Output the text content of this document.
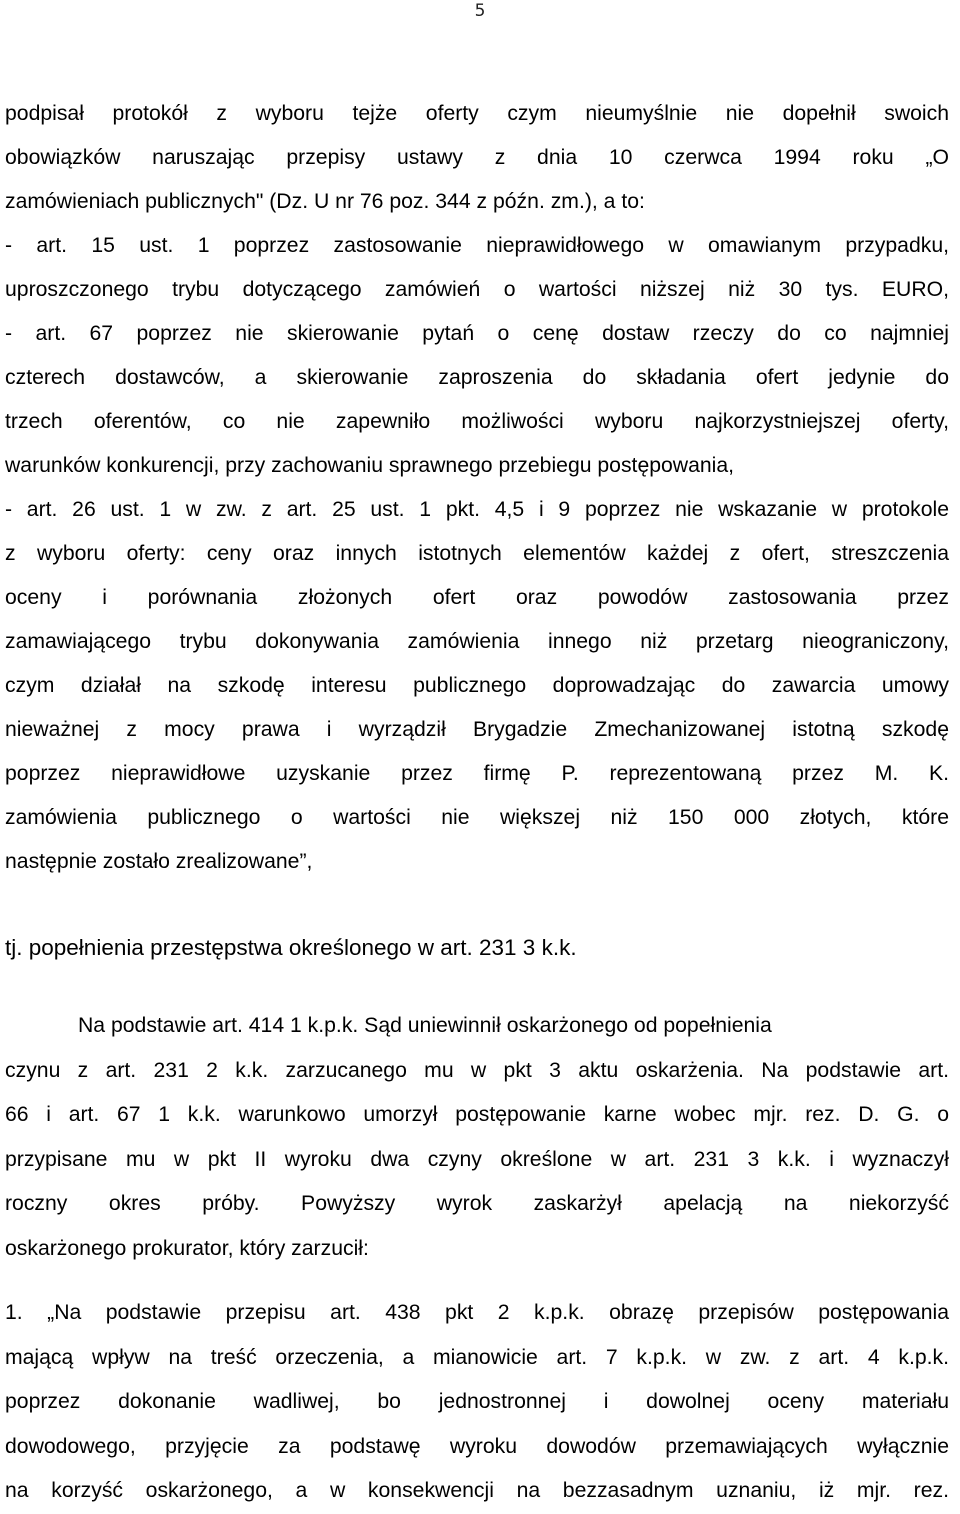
5
podpisał protokół z wyboru tejże oferty czym nieumyślnie nie dopełnił swoich
obowiązków naruszając przepisy ustawy z dnia 10 czerwca 1994 roku „O
zamówieniach publicznych" (Dz. U nr 76 poz. 344 z późn. zm.), a to:
- art. 15 ust. 1 poprzez zastosowanie nieprawidłowego w omawianym przypadku,
uproszczonego trybu dotyczącego zamówień o wartości niższej niż 30 tys. EURO,
- art. 67 poprzez nie skierowanie pytań o cenę dostaw rzeczy do co najmniej
czterech dostawców, a skierowanie zaproszenia do składania ofert jedynie do
trzech oferentów, co nie zapewniło możliwości wyboru najkorzystniejszej oferty,
warunków konkurencji, przy zachowaniu sprawnego przebiegu postępowania,
- art. 26 ust. 1 w zw. z art. 25 ust. 1 pkt. 4,5 i 9 poprzez nie wskazanie w protokole
z wyboru oferty: ceny oraz innych istotnych elementów każdej z ofert, streszczenia
oceny i porównania złożonych ofert oraz powodów zastosowania przez
zamawiającego trybu dokonywania zamówienia innego niż przetarg nieograniczony,
czym działał na szkodę interesu publicznego doprowadzając do zawarcia umowy
nieważnej z mocy prawa i wyrządził Brygadzie Zmechanizowanej istotną szkodę
poprzez nieprawidłowe uzyskanie przez firmę P. reprezentowaną przez M. K.
zamówienia publicznego o wartości nie większej niż 150 000 złotych, które
następnie zostało zrealizowane”,
tj. popełnienia przestępstwa określonego w art. 231 3 k.k.
Na podstawie art. 414 1 k.p.k. Sąd uniewinnił oskarżonego od popełnienia
czynu z art. 231 2 k.k. zarzucanego mu w pkt 3 aktu oskarżenia. Na podstawie art.
66 i art. 67 1 k.k. warunkowo umorzył postępowanie karne wobec mjr. rez. D. G. o
przypisane mu w pkt II wyroku dwa czyny określone w art. 231 3 k.k. i wyznaczył
roczny okres próby. Powyższy wyrok zaskarżył apelacją na niekorzyść
oskarżonego prokurator, który zarzucił:
1. „Na podstawie przepisu art. 438 pkt 2 k.p.k. obrazę przepisów postępowania
mającą wpływ na treść orzeczenia, a mianowicie art. 7 k.p.k. w zw. z art. 4 k.p.k.
poprzez dokonanie wadliwej, bo jednostronnej i dowolnej oceny materiału
dowodowego, przyjęcie za podstawę wyroku dowodów przemawiających wyłącznie
na korzyść oskarżonego, a w konsekwencji na bezzasadnym uznaniu, iż mjr. rez.
